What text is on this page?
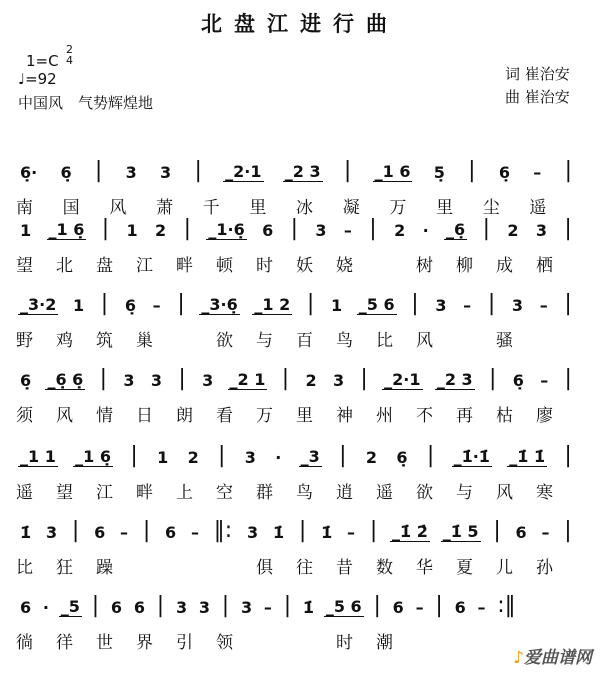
北盘江进行曲
1=C
2
4
♩=92
中国风　气势辉煌地
词 崔治安
曲 崔治安
6̣· 6̣ | 3 3 | _2·1 _2 3 | _1 6 5̣ | 6̣ – |
南	国	风	萧	千	里	冰	凝	万	里	尘	遥
1 _1 6̣ | 1 2 | _1·6̣ 6 | 3 – | 2 · _6̣ | 2 3 |
望	北	盘	江	畔	顿	时	妖	娆
　	树	柳	成	栖
_3·2 1 | 6̣ – | _3·6̣ _1 2 | 1 _5 6 | 3 – | 3 – |
野	鸡	筑	巢
　	欲	与	百	鸟	比	风
　	骚

6̣ _6̣ 6̣ | 3 3 | 3 _2 1 | 2 3 | _2·1 _2 3 | 6̣ – |
须	风	情	日	朗	看	万	里	神	州	不	再	枯	廖
_1 1 _1 6̣ | 1 2 | 3 · _3 | 2 6̣ | _1̇·1̇ _1̇ 1̇ |
遥	望	江	畔	上	空	群	鸟	逍	遥	欲	与	风	寒
1̇ 3 | 6 – | 6 – ‖: 3 1̇ | 1̇ – | _1̇ 2̇ _1̇ 5 | 6 – |
比	狂	躁

　	俱	往	昔	数	华	夏	儿	孙
6 · _5 | 6 6 | 3 3 | 3 – | 1̇ _5 6 | 6 – | 6 – :‖
徜	徉	世	界	引	领

　	时	潮

♪爱曲谱网
